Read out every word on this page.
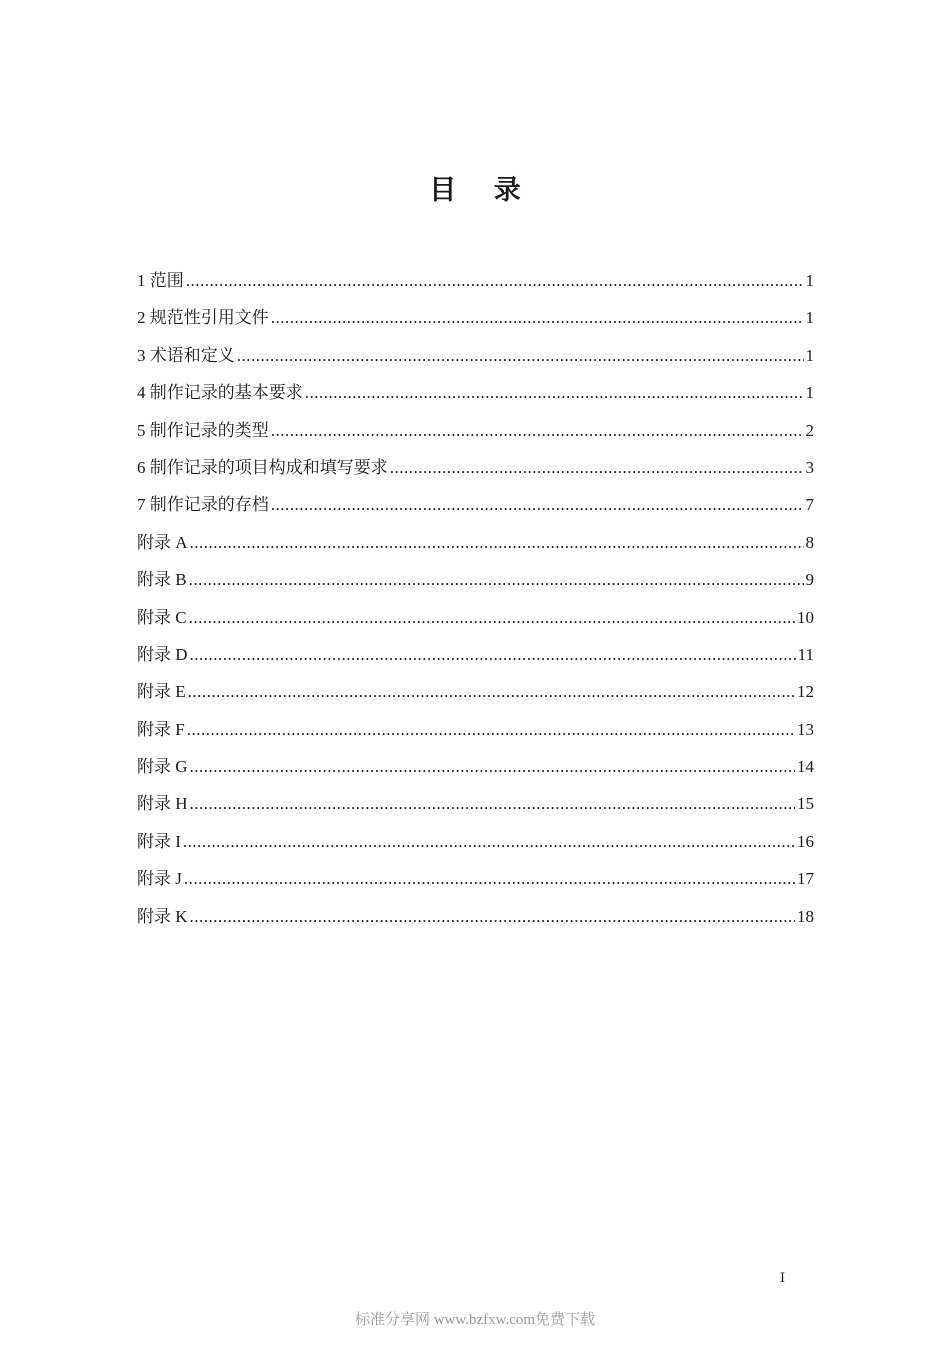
目 录
1 范围 .....	1
2 规范性引用文件 .....	1
3 术语和定义 .....	1
4 制作记录的基本要求 .....	1
5 制作记录的类型 .....	2
6 制作记录的项目构成和填写要求 .....	3
7 制作记录的存档 .....	7
附录 A .....	8
附录 B .....	9
附录 C .....	10
附录 D .....	11
附录 E .....	12
附录 F .....	13
附录 G .....	14
附录 H .....	15
附录 I .....	16
附录 J .....	17
附录 K .....	18
I
标准分享网 www.bzfxw.com免费下载
